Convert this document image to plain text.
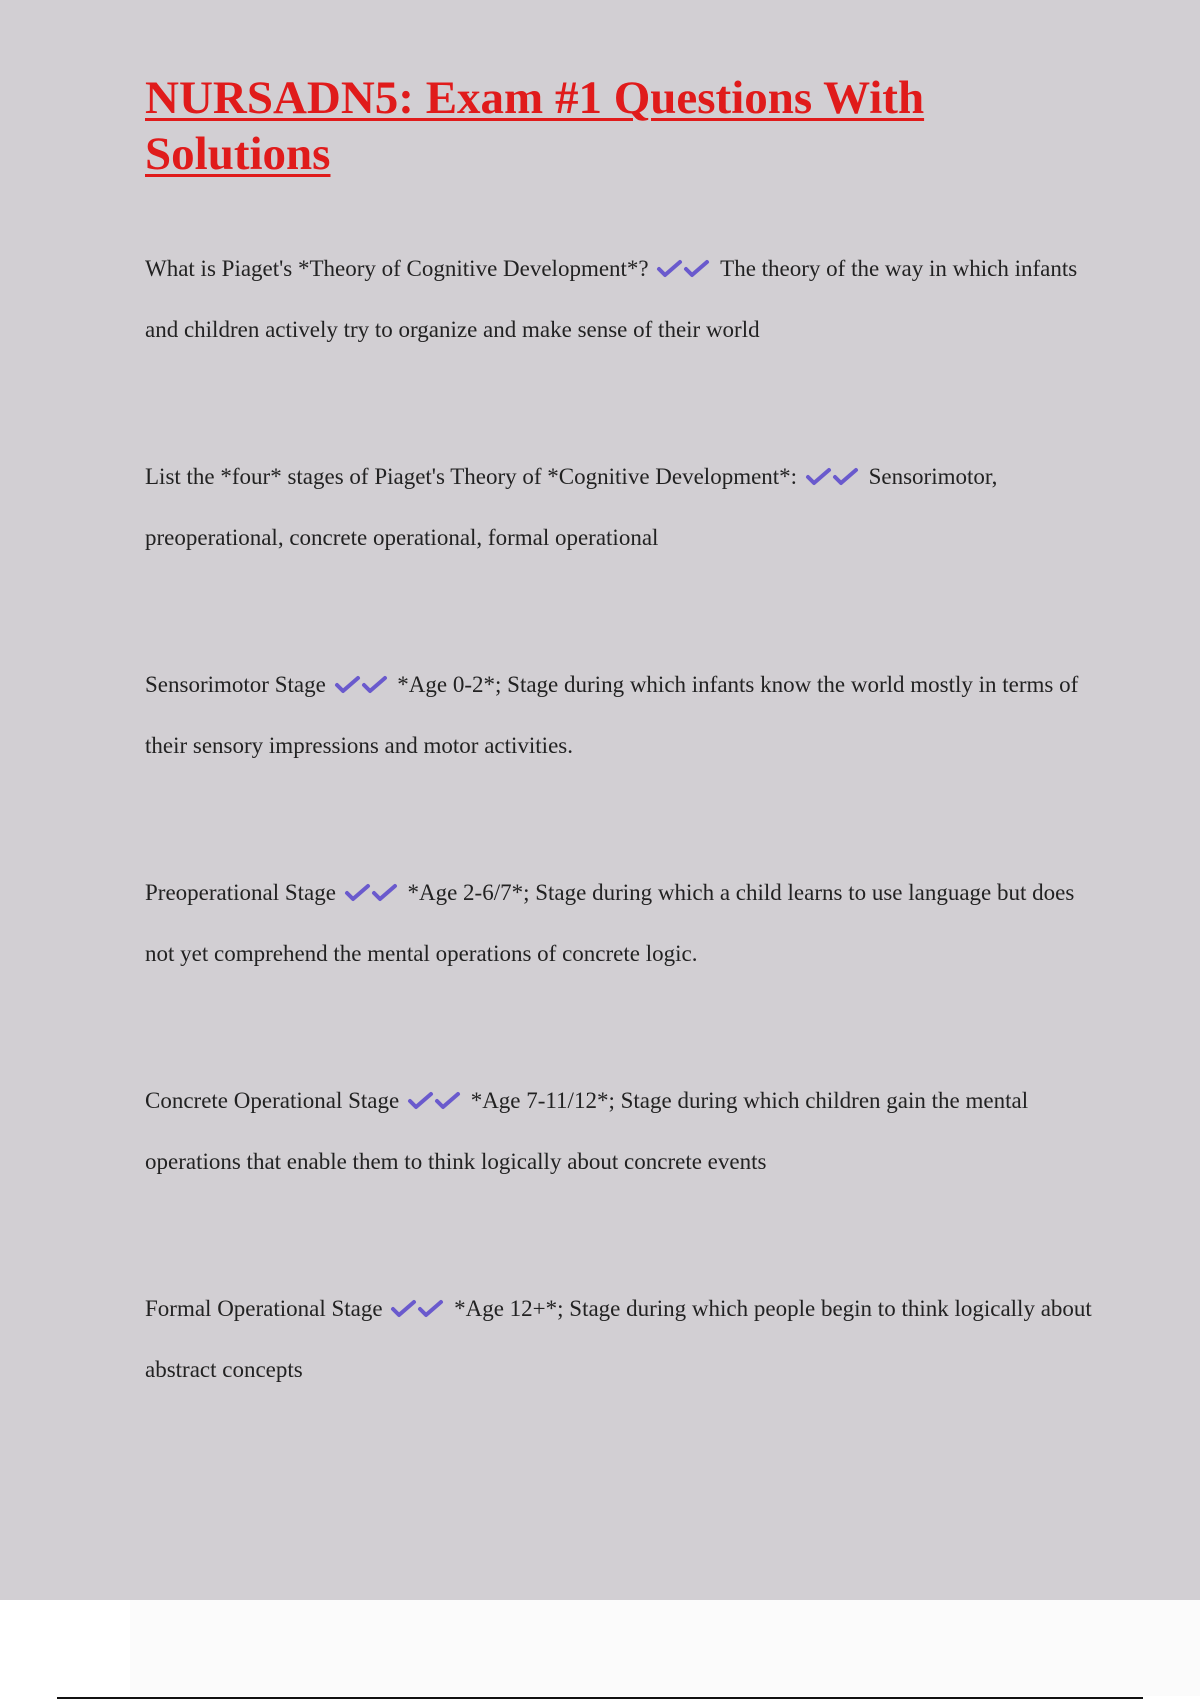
NURSADN5: Exam #1 Questions With Solutions

What is Piaget's *Theory of Cognitive Development*?	The theory of the way in which infants and children actively try to organize and make sense of their world

List the *four* stages of Piaget's Theory of *Cognitive Development*:	Sensorimotor, preoperational, concrete operational, formal operational

Sensorimotor Stage	*Age 0-2*; Stage during which infants know the world mostly in terms of their sensory impressions and motor activities.

Preoperational Stage	*Age 2-6/7*; Stage during which a child learns to use language but does not yet comprehend the mental operations of concrete logic.

Concrete Operational Stage	*Age 7-11/12*; Stage during which children gain the mental operations that enable them to think logically about concrete events

Formal Operational Stage	*Age 12+*; Stage during which people begin to think logically about abstract concepts
